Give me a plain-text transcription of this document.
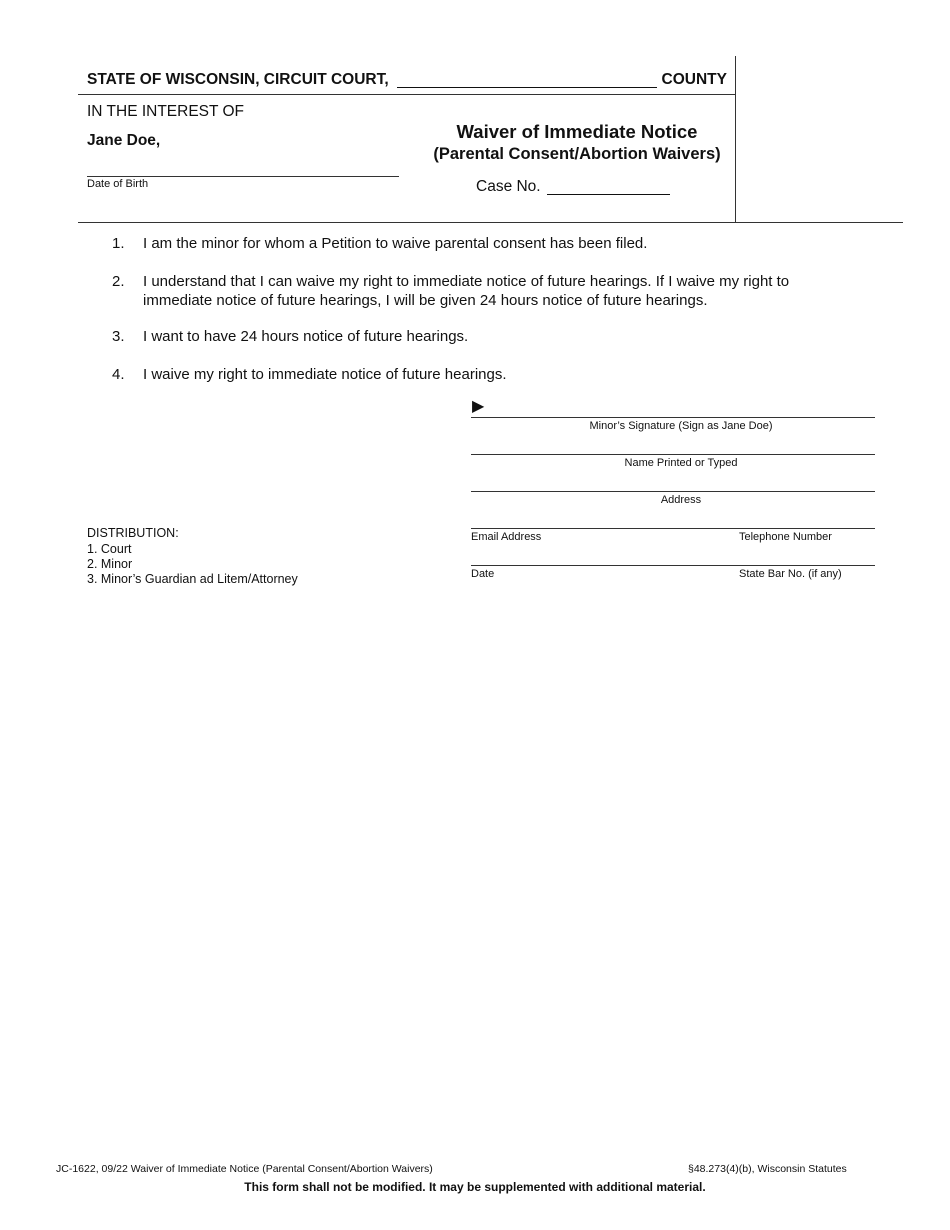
STATE OF WISCONSIN, CIRCUIT COURT,	COUNTY
IN THE INTEREST OF
Jane Doe,
Date of Birth
Waiver of Immediate Notice
(Parental Consent/Abortion Waivers)
Case No.
1. I am the minor for whom a Petition to waive parental consent has been filed.
2. I understand that I can waive my right to immediate notice of future hearings. If I waive my right to immediate notice of future hearings, I will be given 24 hours notice of future hearings.
3. I want to have 24 hours notice of future hearings.
4. I waive my right to immediate notice of future hearings.
▶
Minor’s Signature (Sign as Jane Doe)
Name Printed or Typed
Address
Email Address	Telephone Number
Date	State Bar No. (if any)
DISTRIBUTION:
1. Court
2. Minor
3. Minor’s Guardian ad Litem/Attorney
JC-1622, 09/22 Waiver of Immediate Notice (Parental Consent/Abortion Waivers)	§48.273(4)(b), Wisconsin Statutes
This form shall not be modified. It may be supplemented with additional material.
